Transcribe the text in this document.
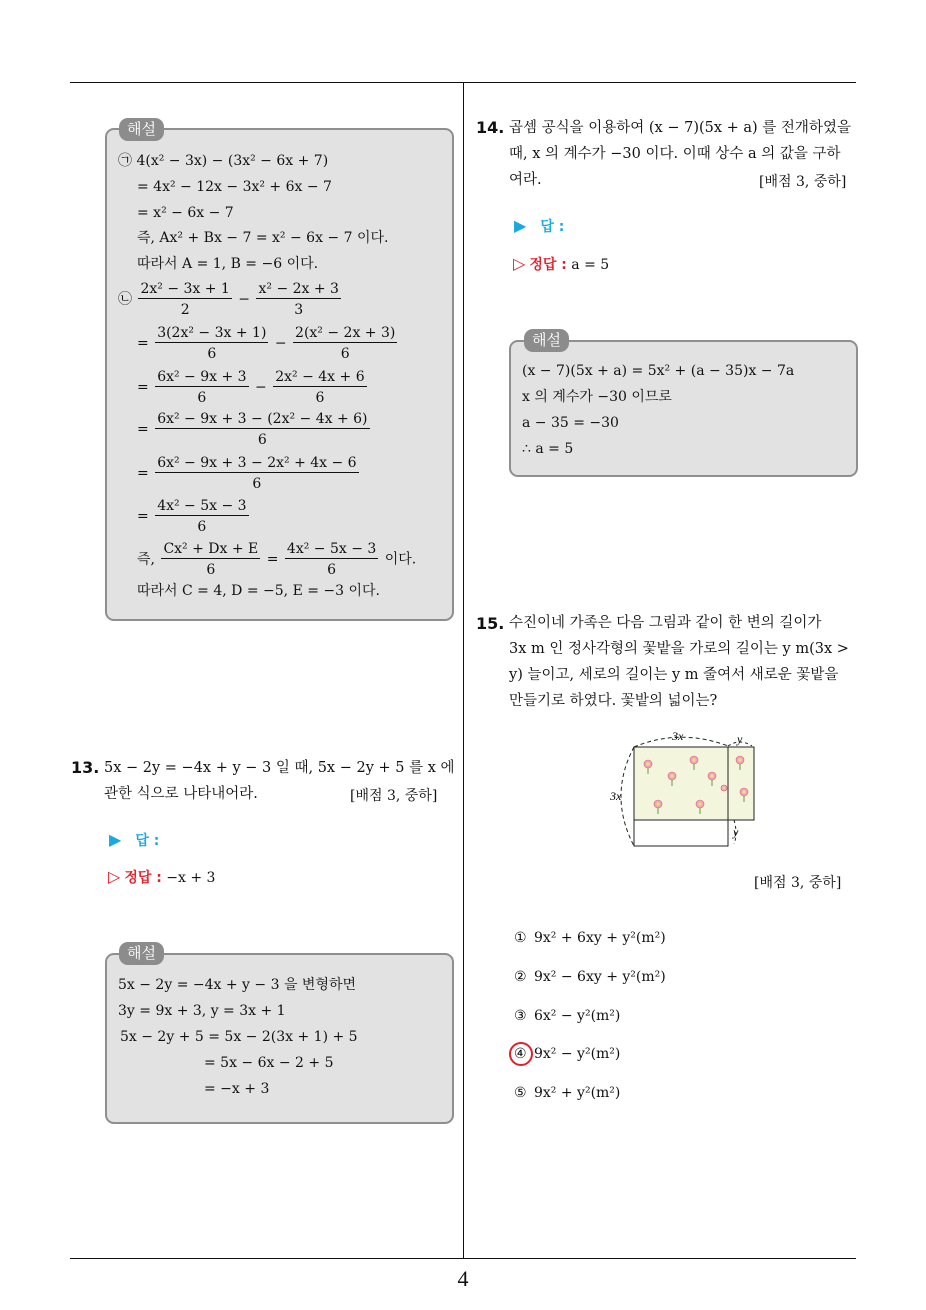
4
해설
㉠ 4(x² − 3x) − (3x² − 6x + 7)
= 4x² − 12x − 3x² + 6x − 7
= x² − 6x − 7
즉, Ax² + Bx − 7 = x² − 6x − 7 이다.
따라서 A = 1, B = −6 이다.
㉡ $\frac{\text{2x² − 3x + 1}}{2} - \frac{\text{x² − 2x + 3}}{3}$
= $\frac{\text{3(2x² − 3x + 1)}}{6} - \frac{\text{2(x² − 2x + 3)}}{6}$
= $\frac{\text{6x² − 9x + 3}}{6} - \frac{\text{2x² − 4x + 6}}{6}$
= $\frac{\text{6x² − 9x + 3 − (2x² − 4x + 6)}}{6}$
= $\frac{\text{6x² − 9x + 3 − 2x² + 4x − 6}}{6}$
= $\frac{\text{4x² − 5x − 3}}{6}$
즉, $\frac{\text{Cx² + Dx + E}}{6} = \frac{\text{4x² − 5x − 3}}{6}$ 이다.
따라서 C = 4, D = −5, E = −3 이다.
13. 5x − 2y = −4x + y − 3 일 때, 5x − 2y + 5 를 x 에
관한 식으로 나타내어라.	[배점 3, 중하]
▶ 답 :
▷ 정답 : −x + 3
해설
5x − 2y = −4x + y − 3 을 변형하면
3y = 9x + 3, y = 3x + 1
5x − 2y + 5 = 5x − 2(3x + 1) + 5
= 5x − 6x − 2 + 5
= −x + 3
14. 곱셈 공식을 이용하여 (x − 7)(5x + a) 를 전개하였을
때, x 의 계수가 −30 이다. 이때 상수 a 의 값을 구하
여라.	[배점 3, 중하]
▶ 답 :
▷ 정답 : a = 5
해설
(x − 7)(5x + a) = 5x² + (a − 35)x − 7a
x 의 계수가 −30 이므로
a − 35 = −30
∴ a = 5
15. 수진이네 가족은 다음 그림과 같이 한 변의 길이가
3x m 인 정사각형의 꽃밭을 가로의 길이는 y m(3x >
y) 늘이고, 세로의 길이는 y m 줄여서 새로운 꽃밭을
만들기로 하였다. 꽃밭의 넓이는?
3x
3x
y
y
[배점 3, 중하]
① 9x² + 6xy + y²(m²)
② 9x² − 6xy + y²(m²)
③ 6x² − y²(m²)
④ 9x² − y²(m²)
⑤ 9x² + y²(m²)
